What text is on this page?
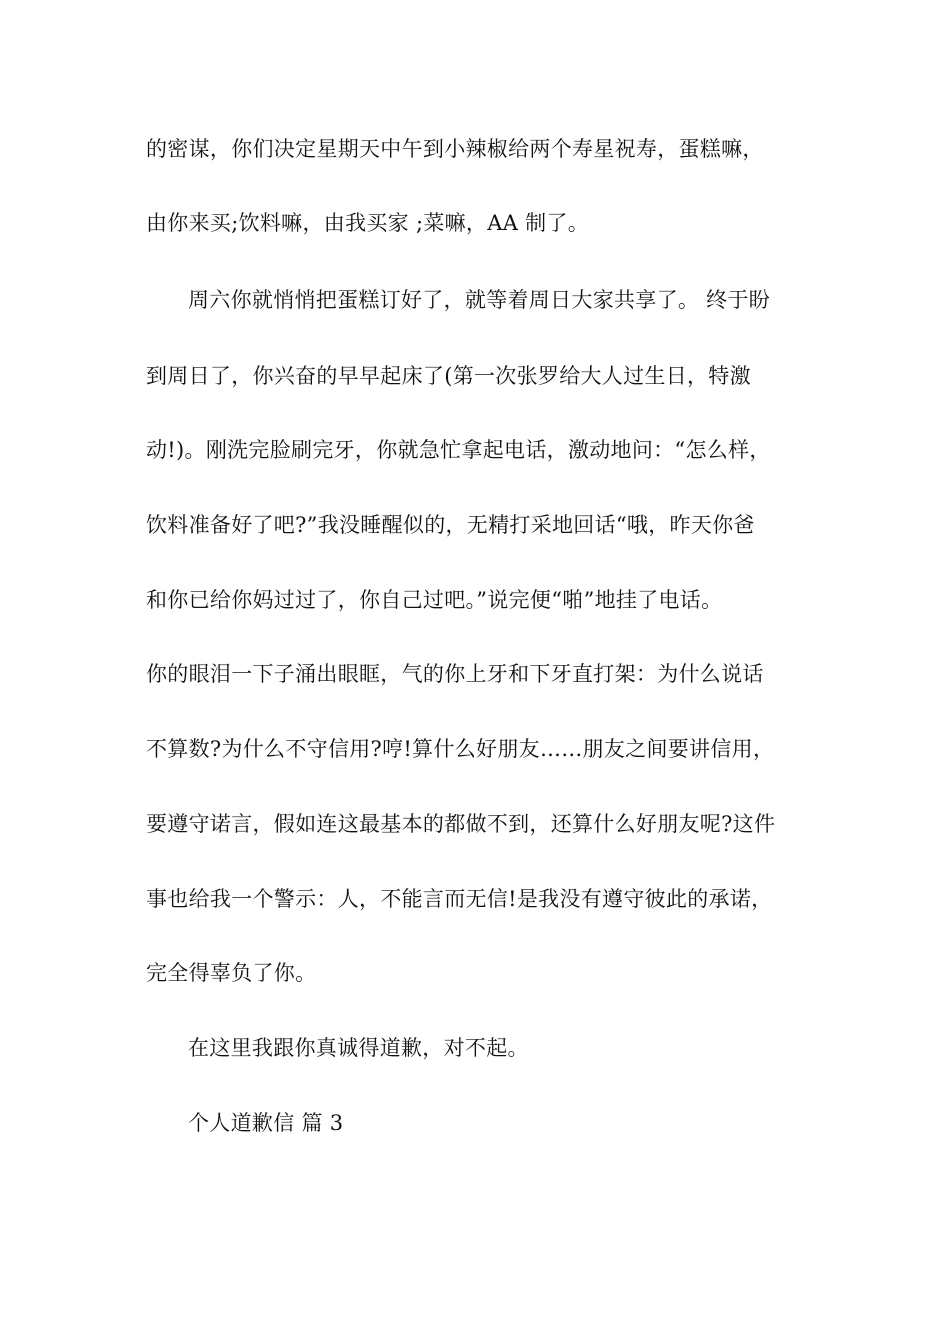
的密谋，你们决定星期天中午到小辣椒给两个寿星祝寿，蛋糕嘛，
由你来买;饮料嘛，由我买家 ;菜嘛，AA 制了。
周六你就悄悄把蛋糕订好了，就等着周日大家共享了。 终于盼
到周日了，你兴奋的早早起床了(第一次张罗给大人过生日，特激
动!)。刚洗完脸刷完牙，你就急忙拿起电话，激动地问：“怎么样，
饮料准备好了吧?”我没睡醒似的，无精打采地回话“哦，昨天你爸
和你已给你妈过过了，你自己过吧。”说完便“啪”地挂了电话。
你的眼泪一下子涌出眼眶，气的你上牙和下牙直打架：为什么说话
不算数?为什么不守信用?哼!算什么好朋友……朋友之间要讲信用，
要遵守诺言，假如连这最基本的都做不到，还算什么好朋友呢?这件
事也给我一个警示：人，不能言而无信!是我没有遵守彼此的承诺，
完全得辜负了你。
在这里我跟你真诚得道歉，对不起。
个人道歉信 篇 3
